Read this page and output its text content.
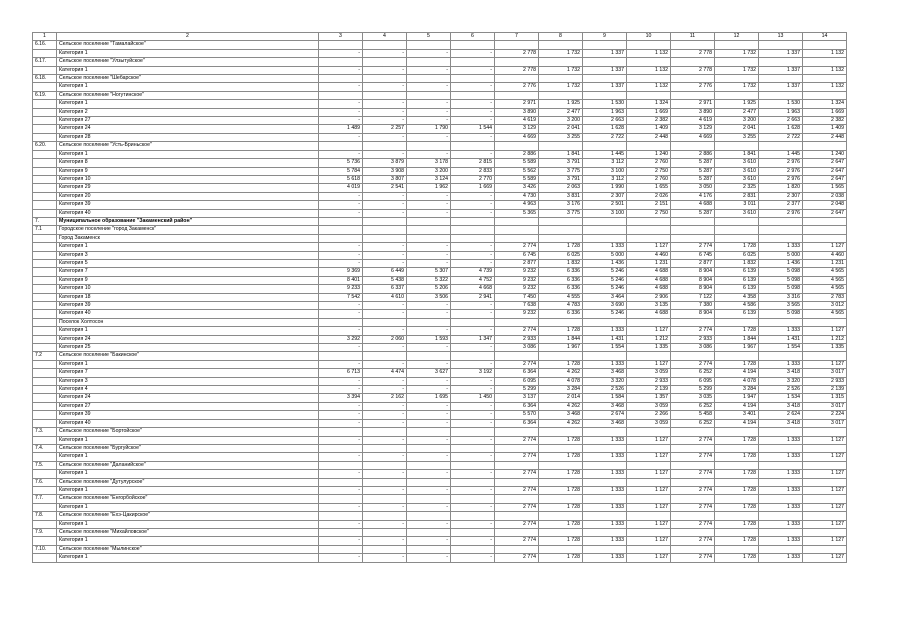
1	2	3	4	5	6	7	8	9	10	11	12	13	14
6.16.	Сельское поселение "Тамалайское"												
	Категория 1	-	-	-	-	2 778	1 732	1 337	1 132	2 778	1 732	1 337	1 132
6.17.	Сельское поселение "Улзытуйское"												
	Категория 1	-	-	-	-	2 778	1 732	1 337	1 132	2 778	1 732	1 337	1 132
6.18.	Сельское поселение "Шебарское"												
	Категория 1	-	-	-	-	2 776	1 732	1 337	1 132	2 776	1 732	1 337	1 132
6.19.	Сельское поселение "Ногутинское"												
	Категория 1	-	-	-	-	2 971	1 925	1 530	1 324	2 971	1 925	1 530	1 324
	Категория 2	-	-	-	-	3 890	2 477	1 963	1 669	3 890	2 477	1 963	1 669
	Категория 27	-	-	-	-	4 619	3 200	2 663	2 382	4 619	3 200	2 663	2 382
	Категория 24	1 489	2 257	1 790	1 544	3 129	2 041	1 628	1 409	3 129	2 041	1 628	1 409
	Категория 28	-	-	-	-	4 669	3 255	2 722	2 448	4 669	3 255	2 722	2 448
6.20.	Сельское поселение "Усть-Бриньское"												
	Категория 1	-	-	-	-	2 886	1 841	1 445	1 240	2 886	1 841	1 445	1 240
	Категория 8	5 736	3 879	3 178	2 815	5 589	3 791	3 112	2 760	5 287	3 610	2 976	2 647
	Категория 9	5 784	3 908	3 200	2 833	5 562	3 775	3 100	2 750	5 287	3 610	2 976	2 647
	Категория 10	5 618	3 807	3 124	2 770	5 589	3 791	3 112	2 760	5 287	3 610	2 976	2 647
	Категория 29	4 019	2 541	1 962	1 669	3 426	2 063	1 990	1 655	3 050	2 325	1 820	1 565
	Категория 20	-	-	-	-	4 730	3 831	2 307	2 026	4 176	2 831	2 307	2 038
	Категория 39	-	-	-	-	4 963	3 176	2 501	2 151	4 688	3 011	2 377	2 048
	Категория 40	-	-	-	-	5 365	3 775	3 100	2 750	5 287	3 610	2 976	2 647
7.	Муниципальное образование "Закаменский район"												
7.1	Городское поселение "город Закаменск"												
	Город Закаменск												
	Категория 1	-	-	-	-	2 774	1 728	1 333	1 127	2 774	1 728	1 333	1 127
	Категория 3	-	-	-	-	6 745	6 025	5 000	4 460	6 745	6 025	5 000	4 460
	Категория 5	-	-	-	-	2 877	1 832	1 436	1 231	2 877	1 832	1 436	1 231
	Категория 7	9 369	6 449	5 307	4 739	9 232	6 336	5 246	4 688	8 904	6 139	5 098	4 565
	Категория 9	8 401	5 438	5 322	4 752	9 232	6 336	5 246	4 688	8 904	6 139	5 098	4 565
	Категория 10	9 233	6 337	5 206	4 668	9 232	6 336	5 246	4 688	8 904	6 139	5 098	4 565
	Категория 18	7 542	4 610	3 506	2 941	7 450	4 555	3 464	2 906	7 122	4 358	3 316	2 783
	Категория 39	-	-	-	-	7 638	4 783	3 690	3 135	7 380	4 586	3 565	3 012
	Категория 40	-	-	-	-	9 232	6 336	5 246	4 688	8 904	6 139	5 098	4 565
	Поселок Холтосон												
	Категория 1	-	-	-	-	2 774	1 728	1 333	1 127	2 774	1 728	1 333	1 127
	Категория 24	3 292	2 060	1 593	1 347	2 933	1 844	1 431	1 212	2 933	1 844	1 431	1 212
	Категория 25	-	-	-	-	3 086	1 967	1 554	1 335	3 086	1 967	1 554	1 335
7.2	Сельское поселение "Бакинское"												
	Категория 1	-	-	-	-	2 774	1 728	1 333	1 127	2 774	1 728	1 333	1 127
	Категория 7	6 713	4 474	3 627	3 192	6 364	4 262	3 468	3 059	6 252	4 194	3 418	3 017
	Категория 3	-	-	-	-	6 095	4 078	3 320	2 933	6 095	4 078	3 320	2 933
	Категория 4	-	-	-	-	5 299	3 284	2 526	2 139	5 299	3 284	2 526	2 139
	Категория 24	3 394	2 162	1 695	1 450	3 137	2 014	1 584	1 357	3 035	1 947	1 534	1 315
	Категория 27	-	-	-	-	6 364	4 262	3 468	3 059	6 252	4 194	3 418	3 017
	Категория 39	-	-	-	-	5 570	3 468	2 674	2 266	5 458	3 401	2 624	2 224
	Категория 40	-	-	-	-	6 364	4 262	3 468	3 059	6 252	4 194	3 418	3 017
7.3.	Сельское поселение "Бортойское"												
	Категория 1	-	-	-	-	2 774	1 728	1 333	1 127	2 774	1 728	1 333	1 127
7.4.	Сельское поселение "Бургуйское"												
	Категория 1	-	-	-	-	2 774	1 728	1 333	1 127	2 774	1 728	1 333	1 127
7.5.	Сельское поселение "Даланийское"												
	Категория 1	-	-	-	-	2 774	1 728	1 333	1 127	2 774	1 728	1 333	1 127
7.6.	Сельское поселение "Дутулурское"												
	Категория 1	-	-	-	-	2 774	1 728	1 333	1 127	2 774	1 728	1 333	1 127
7.7.	Сельское поселение "Енгорбойское"												
	Категория 1	-	-	-	-	2 774	1 728	1 333	1 127	2 774	1 728	1 333	1 127
7.8.	Сельское поселение "Ехэ-Цакирское"												
	Категория 1	-	-	-	-	2 774	1 728	1 333	1 127	2 774	1 728	1 333	1 127
7.9.	Сельское поселение "Михайловское"												
	Категория 1	-	-	-	-	2 774	1 728	1 333	1 127	2 774	1 728	1 333	1 127
7.10.	Сельское поселение "Мылинское"												
	Категория 1	-	-	-	-	2 774	1 728	1 333	1 127	2 774	1 728	1 333	1 127
